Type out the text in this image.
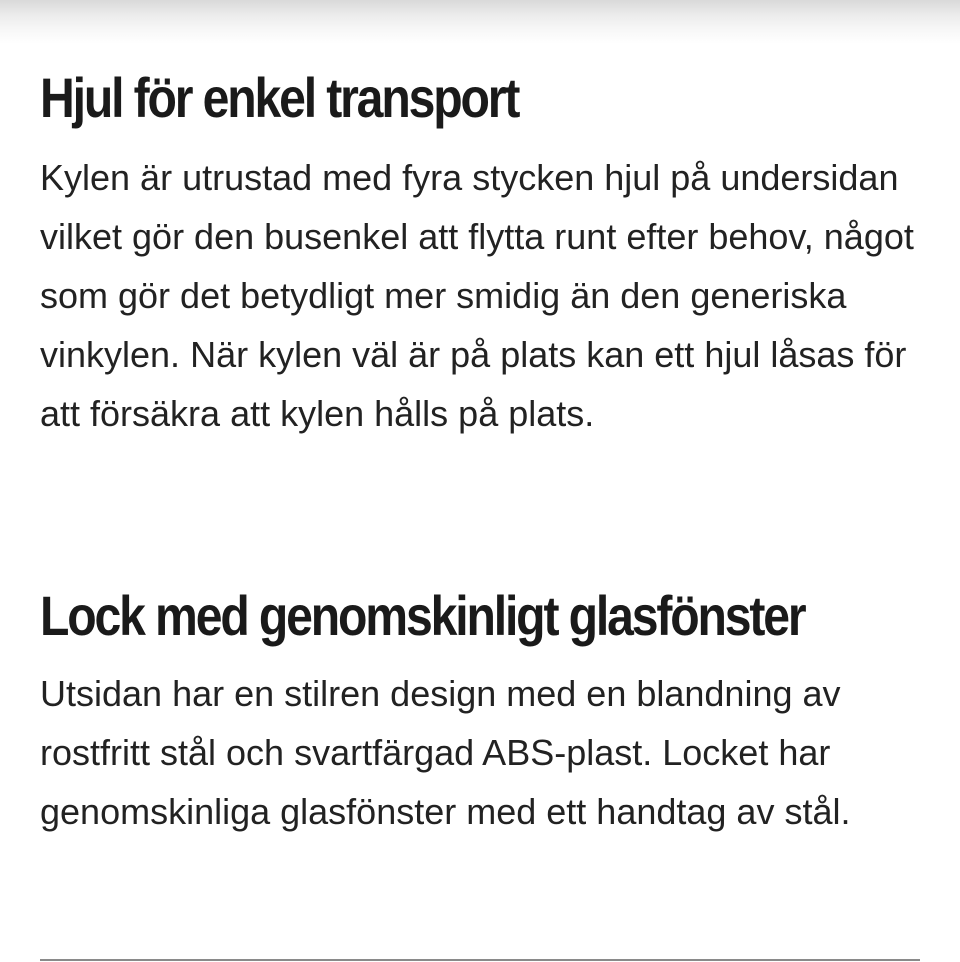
Hjul för enkel transport

Kylen är utrustad med fyra stycken hjul på undersidan vilket gör den busenkel att flytta runt efter behov, något som gör det betydligt mer smidig än den generiska vinkylen. När kylen väl är på plats kan ett hjul låsas för att försäkra att kylen hålls på plats.

Lock med genomskinligt glasfönster

Utsidan har en stilren design med en blandning av rostfritt stål och svartfärgad ABS-plast. Locket har genomskinliga glasfönster med ett handtag av stål.
